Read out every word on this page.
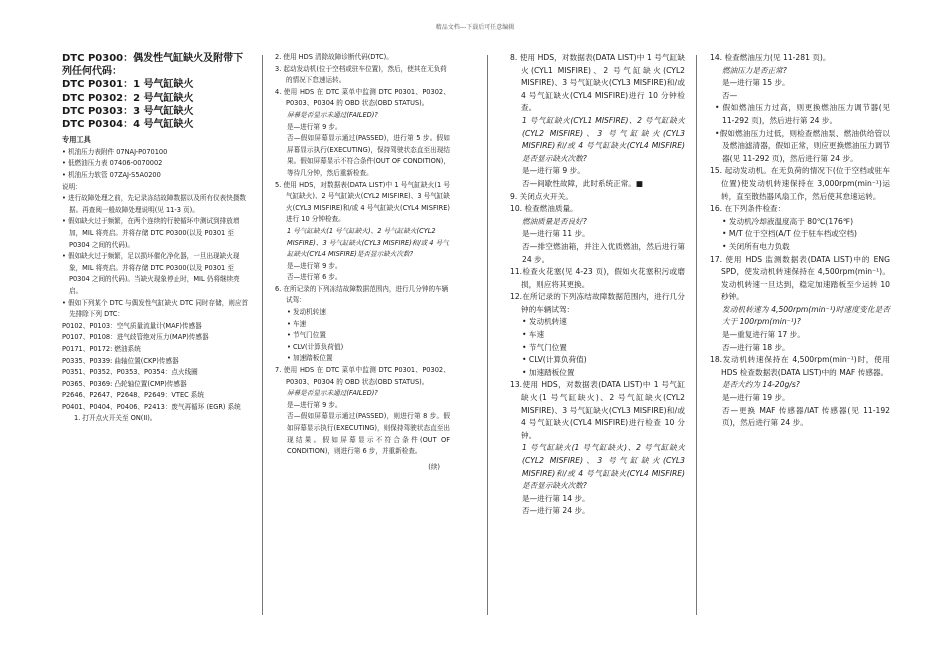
精品文档---下载后可任意编辑

DTC P0300：偶发性气缸缺火及附带下列任何代码：

DTC P0301：1 号气缸缺火

DTC P0302：2 号气缸缺火

DTC P0303：3 号气缸缺火

DTC P0304：4 号气缸缺火

专用工具

• 机油压力表附件 07NAJ-P070100

• 低燃油压力表 07406-0070002

• 机油压力软管 07ZAJ-S5A0200

说明：

• 进行故障处理之前，先记录冻结故障数据以及所有仪表快摄数据。再查阅一般故障处理说明(见 11-3 页)。

• 假如缺火过于频繁，在两个连续的行驶循环中测试到排放增加，MIL 将亮启。并将存储 DTC P0300(以及 P0301 至 P0304 之间的代码)。

• 假如缺火过于频繁，足以损坏催化净化器，一旦出现缺火现象，MIL 将亮启。并将存储 DTC P0300(以及 P0301 至 P0304 之间的代码)。当缺火现象停止时，MIL 仍将继续亮启。

• 假如下列某个 DTC 与偶发性气缸缺火 DTC 同时存储，则应首先排除下列 DTC：

P0102、P0103：空气质量流量计(MAF)传感器

P0107、P0108：进气歧管绝对压力(MAP)传感器

P0171、P0172: 燃油系统

P0335、P0339: 曲轴位置(CKP)传感器

P0351、P0352、P0353、P0354：点火线圈

P0365、P0369: 凸轮轴位置(CMP)传感器

P2646、P2647、P2648、P2649：VTEC 系统

P0401、P0404、P0406、P2413：废气再循环 (EGR) 系统

1. 打开点火开关至 ON(II)。

2. 使用 HDS 清除故障诊断代码(DTC)。

3. 起动发动机(位于空档或驻车位置)，然后，使其在无负荷的情况下怠速运转。

4. 使用 HDS 在 DTC 菜单中监测 DTC P0301、P0302、 P0303、P0304 的 OBD 状态(OBD STATUS)。

屏幕是否显示未通过(FAILED)?

是—进行第 9 步。

否—假如屏幕显示通过(PASSED)，进行第 5 步。假如屏幕显示执行(EXECUTING)，保持驾驶状态直至出现结果。假如屏幕显示不符合条件(OUT OF CONDITION)，等待几分钟，然后重新检查。

5. 使用 HDS，对数据表(DATA LIST)中 1 号气缸缺火(1 号气缸缺火)、2 号气缸缺火(CYL2 MISFIRE)、3 号气缸缺火(CYL3 MISFIRE)和/或 4 号气缸缺火(CYL4 MISFIRE)进行 10 分钟检查。

1 号气缸缺火(1 号气缸缺火)、2 号气缸缺火(CYL2 MISFIRE)、3 号气缸缺火(CYL3 MISFIRE)和/或 4 号气缸缺火(CYL4 MISFIRE)是否显示缺火次数?

是—进行第 9 步。

否—进行第 6 步。

6. 在所记录的下列冻结故障数据范围内，进行几分钟的车辆试驾：

• 发动机转速

• 车速

• 节气门位置

• CLV(计算负荷值)

• 加速踏板位置

7. 使用 HDS 在 DTC 菜单中监测 DTC P0301、P0302、 P0303、P0304 的 OBD 状态(OBD STATUS)。

屏幕是否显示未通过(FAILED)?

是—进行第 9 步。

否—假如屏幕显示通过(PASSED)，则进行第 8 步。假如屏幕显示执行(EXECUTING)，则保持驾驶状态直至出现结果。假如屏幕显示不符合条件(OUT OF CONDITION)，则进行第 6 步，并重新检查。

(续)

8. 使用 HDS，对数据表(DATA LIST)中 1 号气缸缺火(CYL1 MISFIRE)、2 号气缸缺火(CYL2 MISFIRE)、3 号气缸缺火(CYL3 MISFIRE)和/或 4 号气缸缺火(CYL4 MISFIRE)进行 10 分钟检查。

1 号气缸缺火(CYL1 MISFIRE)、2 号气缸缺火(CYL2 MISFIRE)、3 号气缸缺火(CYL3 MISFIRE)和/或 4 号气缸缺火(CYL4 MISFIRE)是否显示缺火次数?

是—进行第 9 步。

否—间歇性故障，此时系统正常。■

9. 关闭点火开关。

10. 检查燃油质量。

燃油质量是否良好?

是—进行第 11 步。

否—排空燃油箱，并注入优质燃油，然后进行第 24 步。

11.检查火花塞(见 4-23 页)，假如火花塞积污或磨损，则应将其更换。

12.在所记录的下列冻结故障数据范围内，进行几分钟的车辆试驾：

• 发动机转速

• 车速

• 节气门位置

• CLV(计算负荷值)

• 加速踏板位置

13.使用 HDS，对数据表(DATA LIST)中 1 号气缸缺火(1 号气缸缺火)、2 号气缸缺火(CYL2 MISFIRE)、3 号气缸缺火(CYL3 MISFIRE)和/或 4 号气缸缺火(CYL4 MISFIRE)进行检查 10 分钟。

1 号气缸缺火(1 号气缸缺火)、2 号气缸缺火(CYL2 MISFIRE)、3 号气缸缺火(CYL3 MISFIRE)和/或 4 号气缸缺火(CYL4 MISFIRE)是否显示缺火次数?

是—进行第 14 步。

否—进行第 24 步。

14. 检查燃油压力(见 11-281 页)。

燃油压力是否正常?

是—进行第 15 步。

否—

• 假如燃油压力过高，则更换燃油压力调节器(见 11-292 页)，然后进行第 24 步。

•假如燃油压力过低，则检查燃油泵、燃油供给管以及燃油滤清器，假如正常，则应更换燃油压力调节器(见 11-292 页)，然后进行第 24 步。

15. 起动发动机。在无负荷的情况下(位于空档或驻车位置)使发动机转速保持在 3,000rpm(min⁻¹)运转，直至散热器风扇工作，然后使其怠速运转。

16. 在下列条件检查：

• 发动机冷却液温度高于 80℃(176℉)

• M/T 位于空档(A/T 位于驻车档或空档)

• 关闭所有电力负载

17. 使用 HDS 监测数据表(DATA LIST)中的 ENG SPD，使发动机转速保持在 4,500rpm(min⁻¹)。发动机转速一旦达到，稳定加速踏板至少运转 10 秒钟。

发动机转速为 4,500rpm(min⁻¹)时速度变化是否大于 100rpm(min⁻¹)?

是—重复进行第 17 步。

否—进行第 18 步。

18.发动机转速保持在 4,500rpm(min⁻¹)时，使用 HDS 检查数据表(DATA LIST)中的 MAF 传感器。

是否大约为 14-20g/s?

是—进行第 19 步。

否—更换 MAF 传感器/IAT 传感器(见 11-192 页)，然后进行第 24 步。
